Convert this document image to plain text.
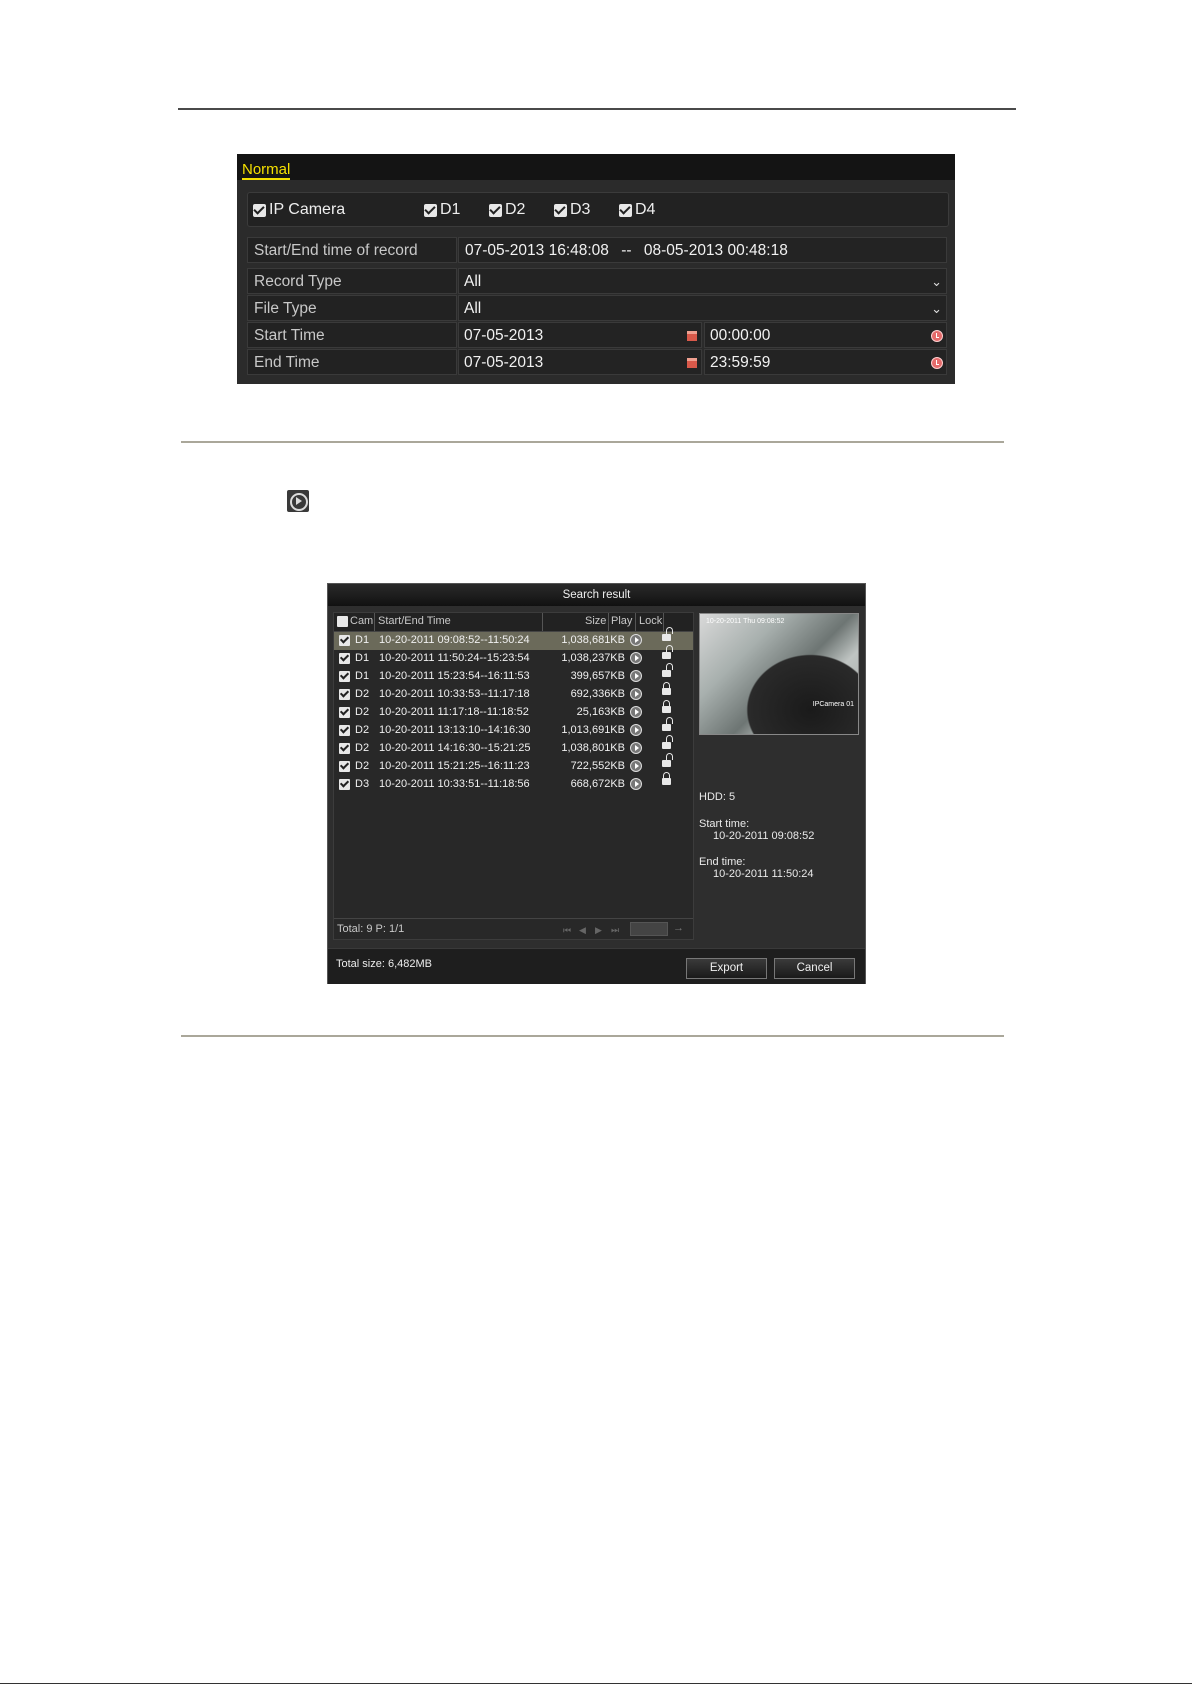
Normal
IP Camera	D1	D2	D3	D4
Start/End time of record	07-05-2013 16:48:08 -- 08-05-2013 00:48:18
Record Type	All	⌄
File Type	All	⌄
Start Time	07-05-2013	00:00:00
End Time	07-05-2013	23:59:59
Search result
Cam Start/End Time	Size Play Lock
D1 10-20-2011 09:08:52--11:50:24	1,038,681KB
D1 10-20-2011 11:50:24--15:23:54	1,038,237KB
D1 10-20-2011 15:23:54--16:11:53	399,657KB
D2 10-20-2011 10:33:53--11:17:18	692,336KB
D2 10-20-2011 11:17:18--11:18:52	25,163KB
D2 10-20-2011 13:13:10--14:16:30	1,013,691KB
D2 10-20-2011 14:16:30--15:21:25	1,038,801KB
D2 10-20-2011 15:21:25--16:11:23	722,552KB
D3 10-20-2011 10:33:51--11:18:56	668,672KB
Total: 9 P: 1/1	⏮ ◀ ▶ ⏭	→
10-20-2011 Thu 09:08:52
IPCamera 01
HDD: 5
Start time:
10-20-2011 09:08:52
End time:
10-20-2011 11:50:24
Total size: 6,482MB	Export	Cancel
